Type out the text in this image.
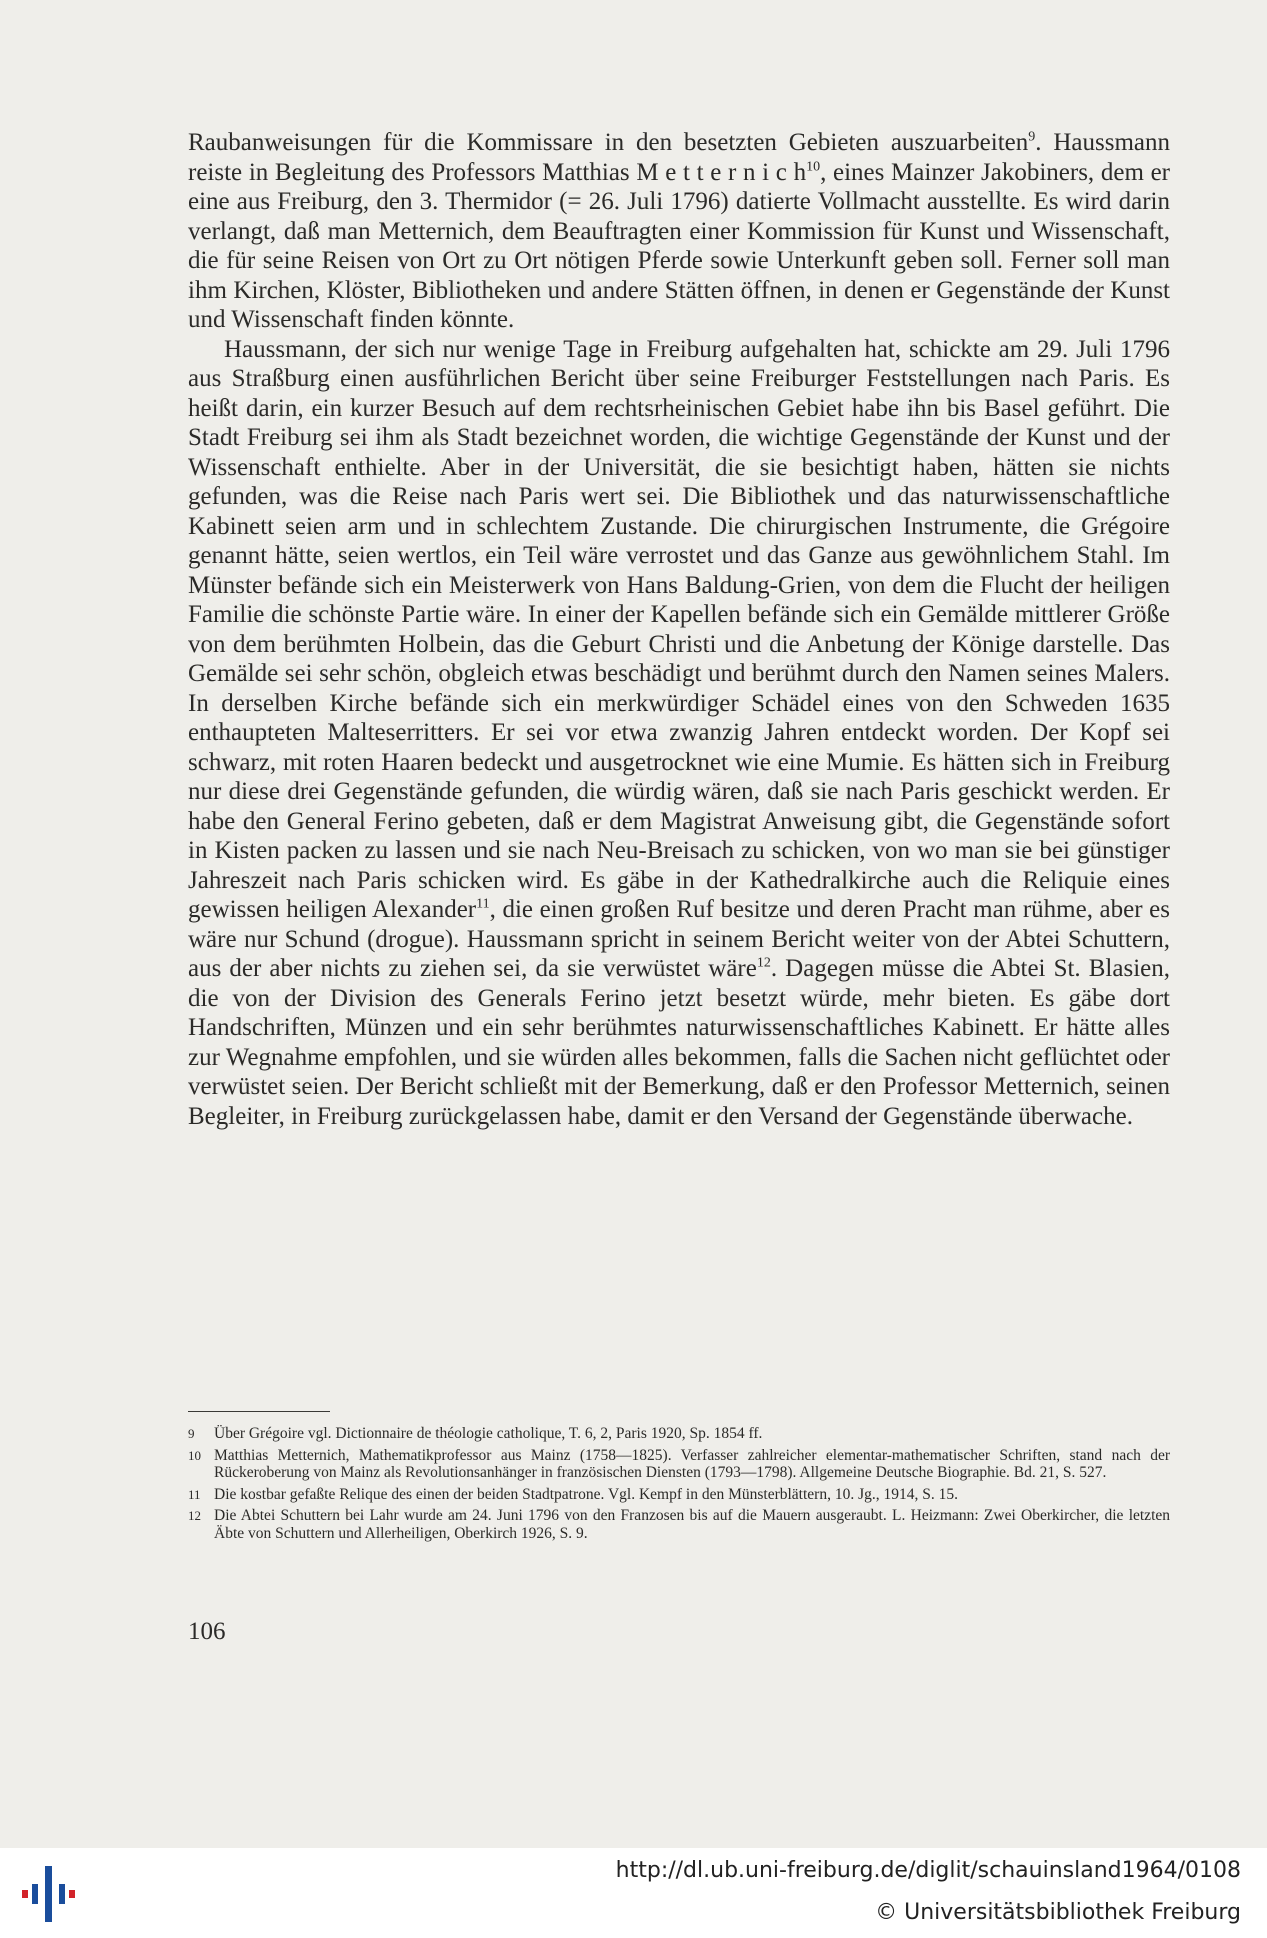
Raubanweisungen für die Kommissare in den besetzten Gebieten auszuarbeiten$^9$. Haussmann reiste in Begleitung des Professors Matthias M e t t e r n i c $h^{10}$, eines Mainzer Jakobiners, dem er eine aus Freiburg, den 3. Thermidor (= 26. Juli 1796) datierte Vollmacht ausstellte. Es wird darin verlangt, daß man Metternich, dem Beauftragten einer Kommission für Kunst und Wissenschaft, die für seine Reisen von Ort zu Ort nötigen Pferde sowie Unterkunft geben soll. Ferner soll man ihm Kirchen, Klöster, Bibliotheken und andere Stätten öffnen, in denen er Gegenstände der Kunst und Wissenschaft finden könnte.

Haussmann, der sich nur wenige Tage in Freiburg aufgehalten hat, schickte am 29. Juli 1796 aus Straßburg einen ausführlichen Bericht über seine Freiburger Feststellungen nach Paris. Es heißt darin, ein kurzer Besuch auf dem rechtsrheinischen Gebiet habe ihn bis Basel geführt. Die Stadt Freiburg sei ihm als Stadt bezeichnet worden, die wichtige Gegenstände der Kunst und der Wissenschaft enthielte. Aber in der Universität, die sie besichtigt haben, hätten sie nichts gefunden, was die Reise nach Paris wert sei. Die Bibliothek und das naturwissenschaftliche Kabinett seien arm und in schlechtem Zustande. Die chirurgischen Instrumente, die Grégoire genannt hätte, seien wertlos, ein Teil wäre verrostet und das Ganze aus gewöhnlichem Stahl. Im Münster befände sich ein Meisterwerk von Hans Baldung-Grien, von dem die Flucht der heiligen Familie die schönste Partie wäre. In einer der Kapellen befände sich ein Gemälde mittlerer Größe von dem berühmten Holbein, das die Geburt Christi und die Anbetung der Könige darstelle. Das Gemälde sei sehr schön, obgleich etwas beschädigt und berühmt durch den Namen seines Malers. In derselben Kirche befände sich ein merkwürdiger Schädel eines von den Schweden 1635 enthaupteten Malteserritters. Er sei vor etwa zwanzig Jahren entdeckt worden. Der Kopf sei schwarz, mit roten Haaren bedeckt und ausgetrocknet wie eine Mumie. Es hätten sich in Freiburg nur diese drei Gegenstände gefunden, die würdig wären, daß sie nach Paris geschickt werden. Er habe den General Ferino gebeten, daß er dem Magistrat Anweisung gibt, die Gegenstände sofort in Kisten packen zu lassen und sie nach Neu-Breisach zu schicken, von wo man sie bei günstiger Jahreszeit nach Paris schicken wird. Es gäbe in der Kathedralkirche auch die Reliquie eines gewissen heiligen Alexander$^{11}$, die einen großen Ruf besitze und deren Pracht man rühme, aber es wäre nur Schund (drogue). Haussmann spricht in seinem Bericht weiter von der Abtei Schuttern, aus der aber nichts zu ziehen sei, da sie verwüstet wäre$^{12}$. Dagegen müsse die Abtei St. Blasien, die von der Division des Generals Ferino jetzt besetzt würde, mehr bieten. Es gäbe dort Handschriften, Münzen und ein sehr berühmtes naturwissenschaftliches Kabinett. Er hätte alles zur Wegnahme empfohlen, und sie würden alles bekommen, falls die Sachen nicht geflüchtet oder verwüstet seien. Der Bericht schließt mit der Bemerkung, daß er den Professor Metternich, seinen Begleiter, in Freiburg zurückgelassen habe, damit er den Versand der Gegenstände überwache.

9	Über Grégoire vgl. Dictionnaire de théologie catholique, T. 6, 2, Paris 1920, Sp. 1854 ff.
10 Matthias Metternich, Mathematikprofessor aus Mainz (1758—1825). Verfasser zahlreicher elementar-mathematischer Schriften, stand nach der Rückeroberung von Mainz als Revolutionsanhänger in französischen Diensten (1793—1798). Allgemeine Deutsche Biographie. Bd. 21, S. 527.
11 Die kostbar gefaßte Relique des einen der beiden Stadtpatrone. Vgl. Kempf in den Münsterblättern, 10. Jg., 1914, S. 15.
12 Die Abtei Schuttern bei Lahr wurde am 24. Juni 1796 von den Franzosen bis auf die Mauern ausgeraubt. L. Heizmann: Zwei Oberkircher, die letzten Äbte von Schuttern und Allerheiligen, Oberkirch 1926, S. 9.
106
http://dl.ub.uni-freiburg.de/diglit/schauinsland1964/0108
© Universitätsbibliothek Freiburg
